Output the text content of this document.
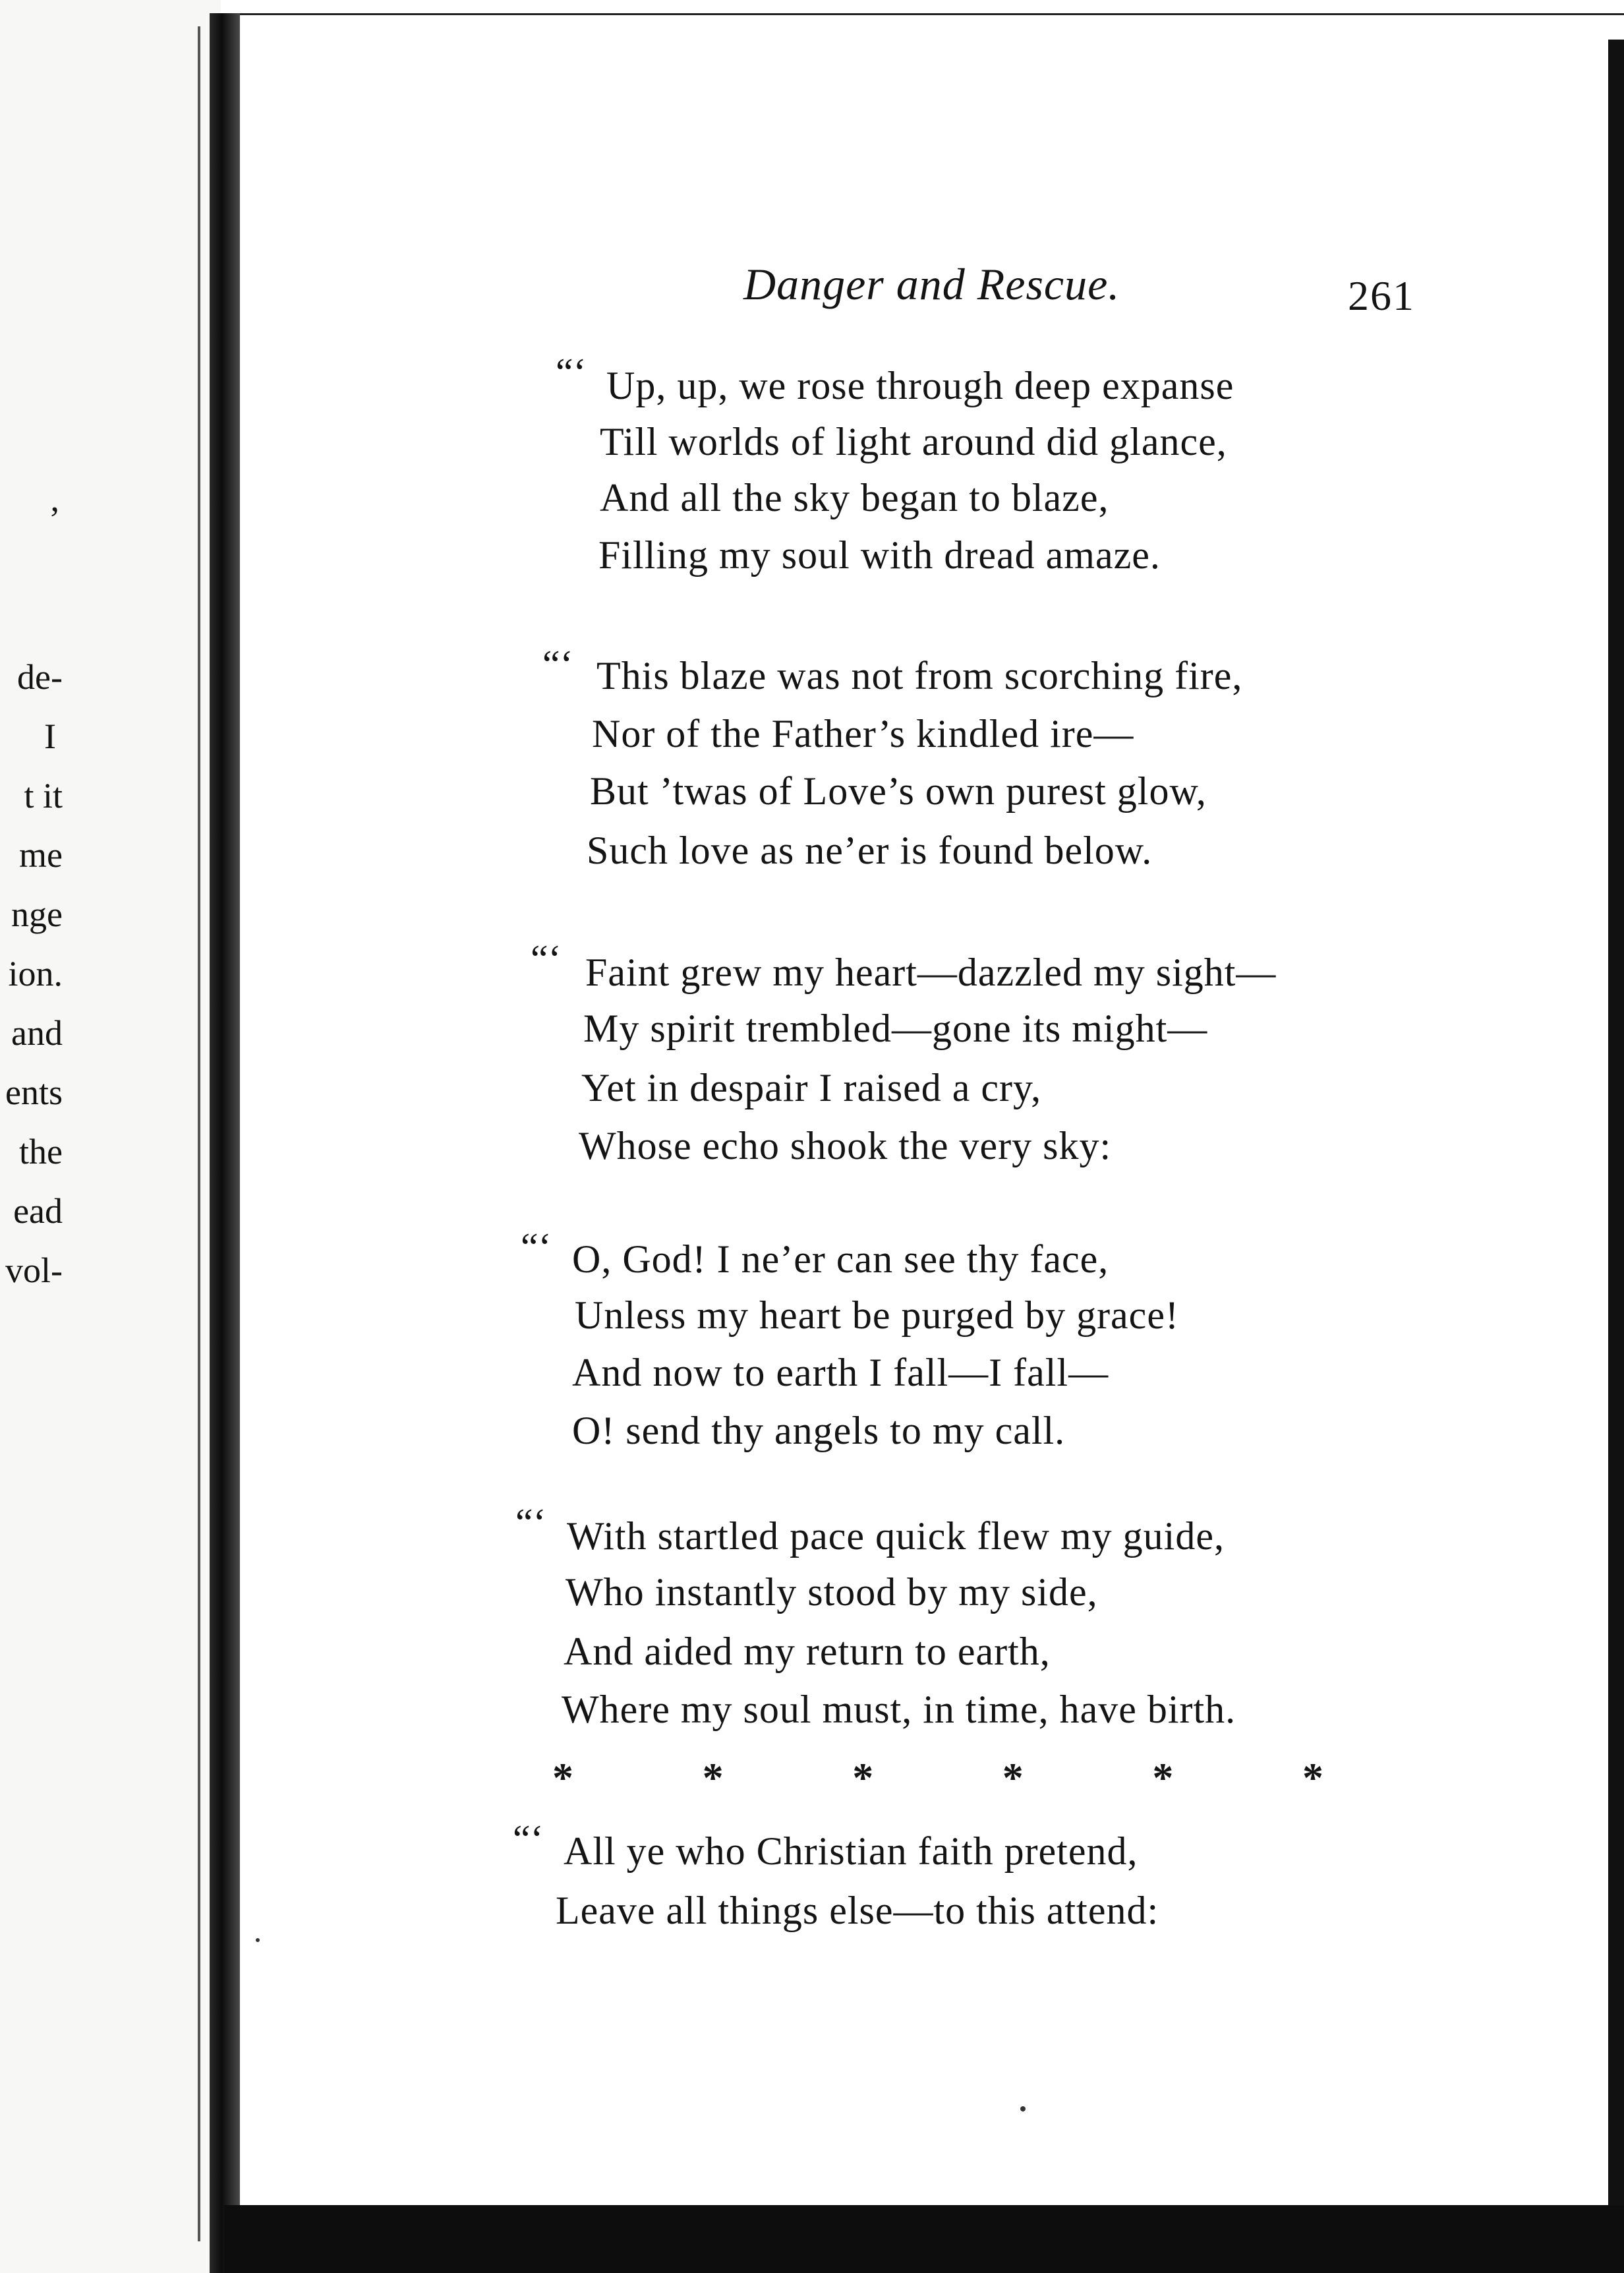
,
de-
I
t it
me
nge
ion.
and
ents
the
ead
vol-
Danger and Rescue.	261
“‘ Up, up, we rose through deep expanse
Till worlds of light around did glance,
And all the sky began to blaze,
Filling my soul with dread amaze.
“‘ This blaze was not from scorching fire,
Nor of the Father’s kindled ire—
But ’twas of Love’s own purest glow,
Such love as ne’er is found below.
“‘ Faint grew my heart—dazzled my sight—
My spirit trembled—gone its might—
Yet in despair I raised a cry,
Whose echo shook the very sky:
“‘ O, God! I ne’er can see thy face,
Unless my heart be purged by grace!
And now to earth I fall—I fall—
O! send thy angels to my call.
“‘ With startled pace quick flew my guide,
Who instantly stood by my side,
And aided my return to earth,
Where my soul must, in time, have birth.
*	*	*	*	*	*
“‘ All ye who Christian faith pretend,
Leave all things else—to this attend:
